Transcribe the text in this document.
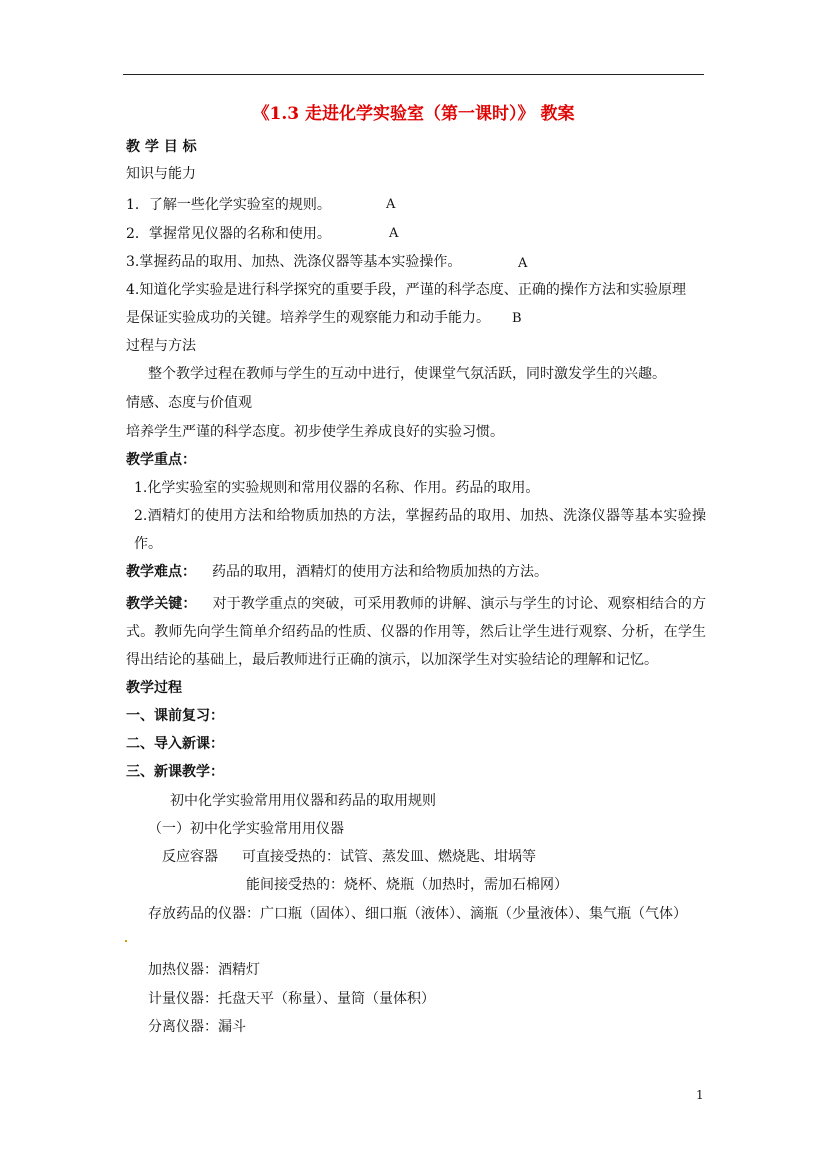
《1.3 走进化学实验室（第一课时）》 教案
教 学 目 标
知识与能力
1．了解一些化学实验室的规则。	A
2．掌握常见仪器的名称和使用。	A
3.掌握药品的取用、加热、洗涤仪器等基本实验操作。	A
4.知道化学实验是进行科学探究的重要手段，严谨的科学态度、正确的操作方法和实验原理是保证实验成功的关键。培养学生的观察能力和动手能力。 B
过程与方法
整个教学过程在教师与学生的互动中进行，使课堂气氛活跃，同时激发学生的兴趣。
情感、态度与价值观
培养学生严谨的科学态度。初步使学生养成良好的实验习惯。
教学重点：
1.化学实验室的实验规则和常用仪器的名称、作用。药品的取用。
2.酒精灯的使用方法和给物质加热的方法，掌握药品的取用、加热、洗涤仪器等基本实验操作。
教学难点： 药品的取用，酒精灯的使用方法和给物质加热的方法。
教学关键： 对于教学重点的突破，可采用教师的讲解、演示与学生的讨论、观察相结合的方式。教师先向学生简单介绍药品的性质、仪器的作用等，然后让学生进行观察、分析，在学生得出结论的基础上，最后教师进行正确的演示，以加深学生对实验结论的理解和记忆。
教学过程
一、课前复习：
二、导入新课：
三、新课教学：
初中化学实验常用用仪器和药品的取用规则
（一）初中化学实验常用用仪器
反应容器 可直接受热的：试管、蒸发皿、燃烧匙、坩埚等
能间接受热的：烧杯、烧瓶（加热时，需加石棉网）
存放药品的仪器：广口瓶（固体）、细口瓶（液体）、滴瓶（少量液体）、集气瓶（气体）
加热仪器：酒精灯
计量仪器：托盘天平（称量）、量筒（量体积）
分离仪器：漏斗
1
